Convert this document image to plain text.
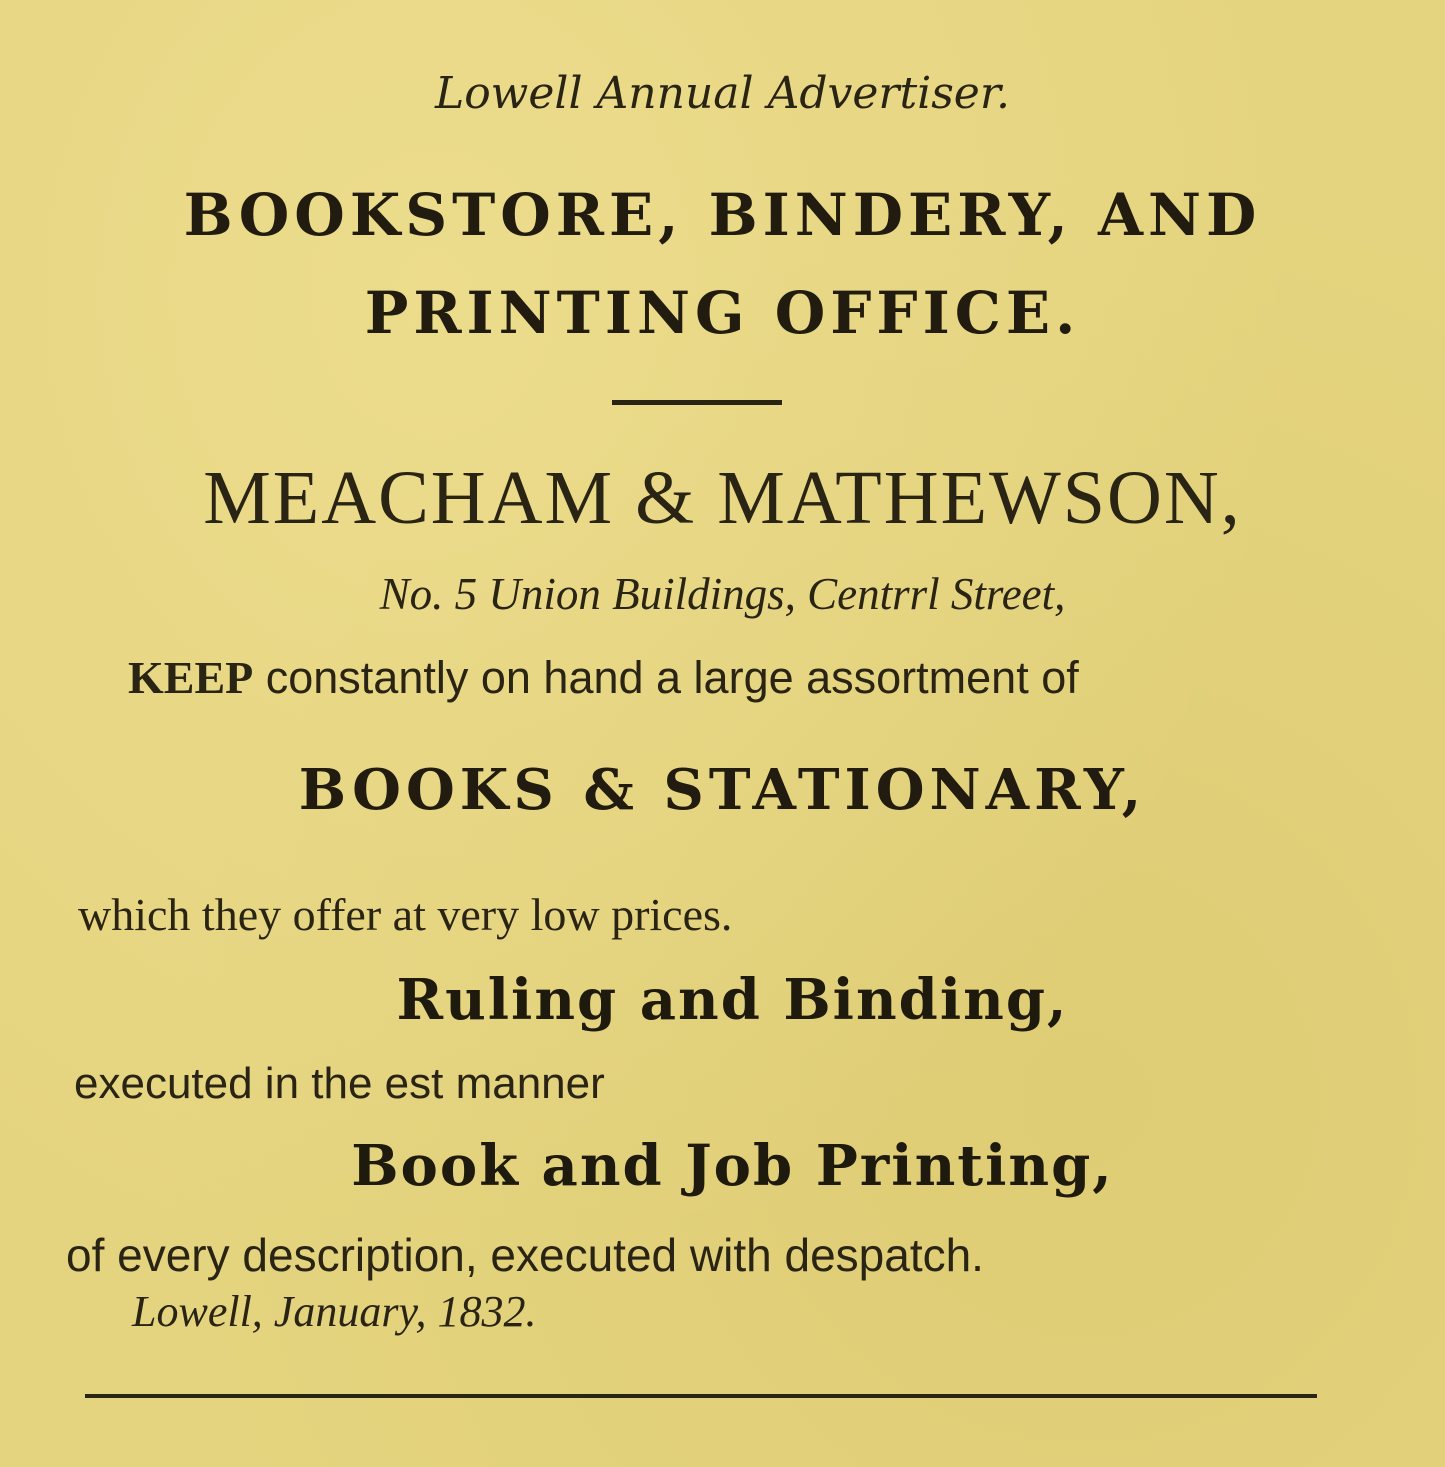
Lowell Annual Advertiser.

BOOKSTORE, BINDERY, AND

PRINTING OFFICE.

MEACHAM & MATHEWSON,

No. 5 Union Buildings, Centrrl Street,

KEEP constantly on hand a large assortment of

BOOKS & STATIONARY,

which they offer at very low prices.

Ruling and Binding,

executed in the est manner

Book and Job Printing,

of every description, executed with despatch.

Lowell, January, 1832.
